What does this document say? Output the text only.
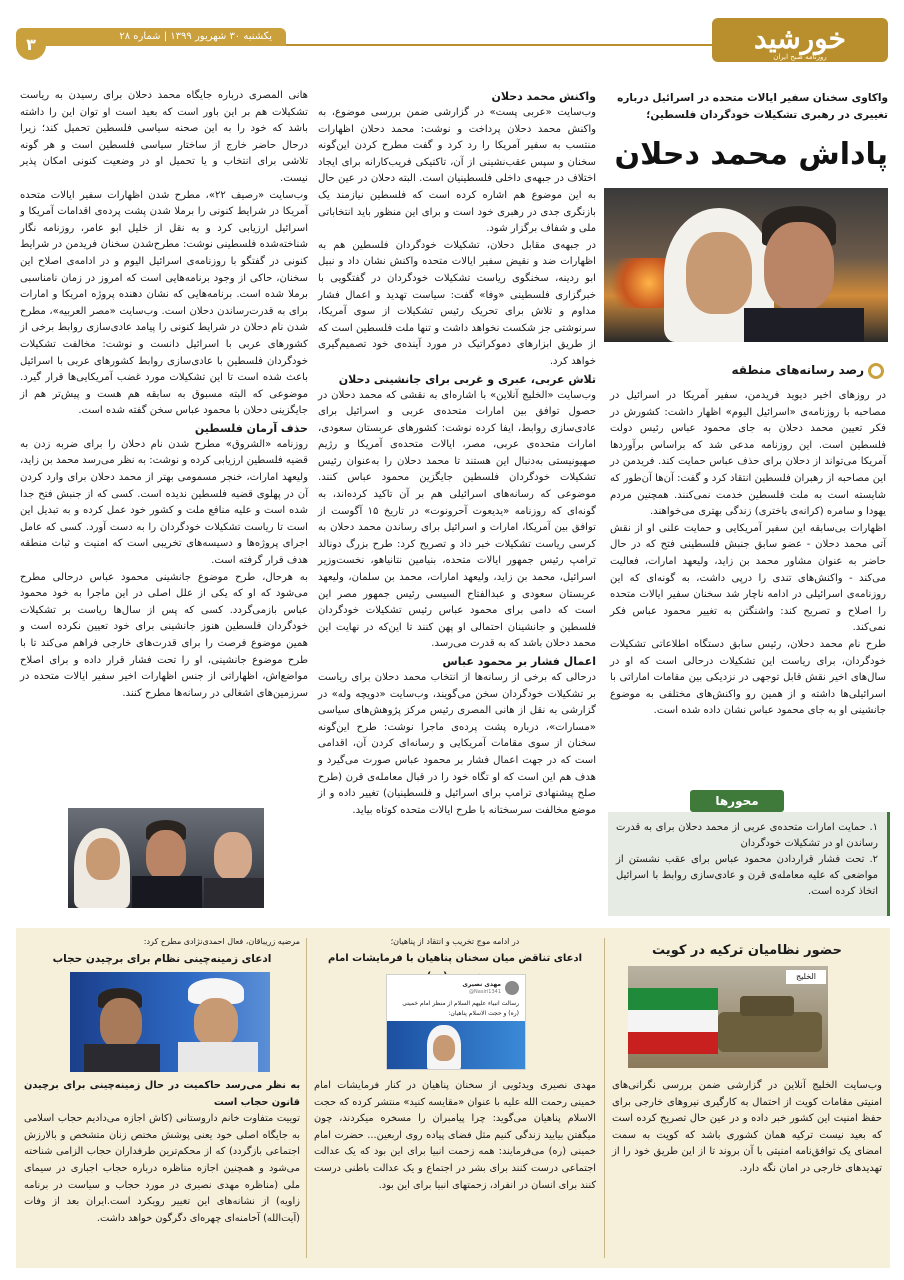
یکشنبه ۳۰ شهریور ۱۳۹۹ | شماره ۲۸
۳	خورشید
روزنامه صبح ایران
واکاوی سخنان سفیر ایالات متحده در اسرائیل درباره تغییری در رهبری تشکیلات خودگردان فلسطین؛
پاداش محمد دحلان
رصد رسانه‌های منطقه

در روزهای اخیر دیوید فریدمن، سفیر آمریکا در اسرائیل در مصاحبه با روزنامه‌ی «اسرائیل الیوم» اظهار داشت: کشورش در فکر تعیین محمد دحلان به جای محمود عباس رئیس دولت فلسطین است. این روزنامه مدعی شد که براساس برآوردها آمریکا می‌تواند از دحلان برای حذف عباس حمایت کند. فریدمن در این مصاحبه از رهبران فلسطین انتقاد کرد و گفت: آن‌ها آن‌طور که شایسته است به ملت فلسطین خدمت نمی‌کنند. همچنین مردم یهودا و سامره (کرانه‌ی باختری) زندگی بهتری می‌خواهند.

اظهارات بی‌سابقه این سفیر آمریکایی و حمایت علنی او از نقش آتی محمد دحلان - عضو سابق جنبش فلسطینی فتح که در حال حاضر به عنوان مشاور محمد بن زاید، ولیعهد امارات، فعالیت می‌کند - واکنش‌های تندی را درپی داشت، به گونه‌ای که این روزنامه‌ی اسرائیلی در ادامه ناچار شد سخنان سفیر ایالات متحده را اصلاح و تصریح کند: واشنگتن به تغییر محمود عباس فکر نمی‌کند.

طرح نام محمد دحلان، رئیس سابق دستگاه اطلاعاتی تشکیلات خودگردان، برای ریاست این تشکیلات درحالی است که او در سال‌های اخیر نقش قابل توجهی در نزدیکی بین مقامات اماراتی با اسرائیلی‌ها داشته و از همین رو واکنش‌های مختلفی به موضوع جانشینی او به جای محمود عباس نشان داده شده است.

محورها

۱. حمایت امارات متحده‌ی عربی از محمد دحلان برای به قدرت رساندن او در تشکیلات خودگردان

۲. تحت فشار قراردادن محمود عباس برای عقب نشستن از مواضعی که علیه معامله‌ی قرن و عادی‌سازی روابط با اسرائیل اتخاذ کرده است.

واکنش محمد دحلان

وب‌سایت «عربی پست» در گزارشی ضمن بررسی موضوع، به واکنش محمد دحلان پرداخت و نوشت: محمد دحلان اظهارات منتسب به سفیر آمریکا را رد کرد و گفت مطرح کردن این‌گونه سخنان و سپس عقب‌نشینی از آن، تاکتیکی فریب‌کارانه برای ایجاد اختلاف در جبهه‌ی داخلی فلسطینیان است. البته دحلان در عین حال به این موضوع هم اشاره کرده است که فلسطین نیازمند یک بازنگری جدی در رهبری خود است و برای این منظور باید انتخاباتی ملی و شفاف برگزار شود.

در جبهه‌ی مقابل دحلان، تشکیلات خودگردان فلسطین هم به اظهارات ضد و نقیض سفیر ایالات متحده واکنش نشان داد و نبیل ابو ردینه، سخنگوی ریاست تشکیلات خودگردان در گفتگویی با خبرگزاری فلسطینی «وفا» گفت: سیاست تهدید و اعمال فشار مداوم و تلاش برای تحریک رئیس تشکیلات از سوی آمریکا، سرنوشتی جز شکست نخواهد داشت و تنها ملت فلسطین است که از طریق ابزارهای دموکراتیک در مورد آینده‌ی خود تصمیم‌گیری خواهد کرد.

تلاش عربی، عبری و غربی برای جانشینی دحلان

وب‌سایت «الخلیج آنلاین» با اشاره‌ای به نقشی که محمد دحلان در حصول توافق بین امارات متحده‌ی عربی و اسرائیل برای عادی‌سازی روابط، ایفا کرده نوشت: کشورهای عربستان سعودی، امارات متحده‌ی عربی، مصر، ایالات متحده‌ی آمریکا و رژیم صهیونیستی به‌دنبال این هستند تا محمد دحلان را به‌عنوان رئیس تشکیلات خودگردان فلسطین جایگزین محمود عباس کنند. موضوعی که رسانه‌های اسرائیلی هم بر آن تاکید کرده‌اند، به گونه‌ای که روزنامه «یدیعوت آحرونوت» در تاریخ ۱۵ آگوست از توافق بین آمریکا، امارات و اسرائیل برای رساندن محمد دحلان به کرسی ریاست تشکیلات خبر داد و تصریح کرد: طرح بزرگ دونالد ترامپ رئیس جمهور ایالات متحده، بنیامین نتانیاهو، نخست‌وزیر اسرائیل، محمد بن زاید، ولیعهد امارات، محمد بن سلمان، ولیعهد عربستان سعودی و عبدالفتاح السیسی رئیس جمهور مصر این است که دامی برای محمود عباس رئیس تشکیلات خودگردان فلسطین و جانشینان احتمالی او پهن کنند تا این‌که در نهایت این محمد دحلان باشد که به قدرت می‌رسد.

اعمال فشار بر محمود عباس

درحالی که برخی از رسانه‌ها از انتخاب محمد دحلان برای ریاست بر تشکیلات خودگردان سخن می‌گویند، وب‌سایت «دویچه وله» در گزارشی به نقل از هانی المصری رئیس مرکز پژوهش‌های سیاسی «مسارات»، درباره پشت پرده‌ی ماجرا نوشت: طرح این‌گونه سخنان از سوی مقامات آمریکایی و رسانه‌ای کردن آن، اقدامی است که در جهت اعمال فشار بر محمود عباس صورت می‌گیرد و هدف هم این است که او تگاه خود را در قبال معامله‌ی قرن (طرح صلح پیشنهادی ترامپ برای اسرائیل و فلسطینیان) تغییر داده و از موضع مخالفت سرسختانه با طرح ایالات متحده کوتاه بیاید.

هانی المصری درباره جایگاه محمد دحلان برای رسیدن به ریاست تشکیلات هم بر این باور است که بعید است او توان این را داشته باشد که خود را به این صحنه سیاسی فلسطین تحمیل کند؛ زیرا درحال حاضر خارج از ساختار سیاسی فلسطین است و هر گونه تلاشی برای انتخاب و یا تحمیل او در وضعیت کنونی امکان پذیر نیست.

وب‌سایت «رصیف ۲۲»، مطرح شدن اظهارات سفیر ایالات متحده آمریکا در شرایط کنونی را برملا شدن پشت پرده‌ی اقدامات آمریکا و اسرائیل ارزیابی کرد و به نقل از خلیل ابو عامر، روزنامه نگار شناخته‌شده فلسطینی نوشت: مطرح‌شدن سخنان فریدمن در شرایط کنونی در گفتگو با روزنامه‌ی اسرائیل الیوم و در ادامه‌ی اصلاح این سخنان، حاکی از وجود برنامه‌هایی است که امروز در زمان نامناسبی برملا شده است. برنامه‌هایی که نشان دهنده پروژه امریکا و امارات برای به قدرت‌رساندن دحلان است. وب‌سایت «مصر العربیه»، مطرح شدن نام دحلان در شرایط کنونی را پیامد عادی‌سازی روابط برخی از کشورهای عربی با اسرائیل دانست و نوشت: مخالفت تشکیلات خودگردان فلسطین با عادی‌سازی روابط کشورهای عربی با اسرائیل باعث شده است تا این تشکیلات مورد غضب آمریکایی‌ها قرار گیرد. موضوعی که البته مسبوق به سابقه هم هست و پیش‌تر هم از جایگزینی دحلان با محمود عباس سخن گفته شده است.

حذف آرمان فلسطین

روزنامه «الشروق» مطرح شدن نام دحلان را برای ضربه زدن به قضیه فلسطین ارزیابی کرده و نوشت: به نظر می‌رسد محمد بن زاید، ولیعهد امارات، خنجر مسمومی بهتر از محمد دحلان برای وارد کردن آن در پهلوی قضیه فلسطین ندیده است. کسی که از جنبش فتح جدا شده است و علیه منافع ملت و کشور خود عمل کرده و به تبدیل این است تا ریاست تشکیلات خودگردان را به دست آورد. کسی که عامل اجرای پروژه‌ها و دسیسه‌های تخریبی است که امنیت و ثبات منطقه هدف قرار گرفته است.

به هرحال، طرح موضوع جانشینی محمود عباس درحالی مطرح می‌شود که او که یکی از علل اصلی در این ماجرا به خود محمود عباس بازمی‌گردد. کسی که پس از سال‌ها ریاست بر تشکیلات خودگردان فلسطین هنوز جانشینی برای خود تعیین نکرده است و همین موضوع فرصت را برای قدرت‌های خارجی فراهم می‌کند تا با طرح موضوع جانشینی، او را تحت فشار قرار داده و برای اصلاح مواضع‌اش، اظهاراتی از جنس اظهارات اخیر سفیر ایالات متحده در سرزمین‌های اشغالی در رسانه‌ها مطرح کنند.

حضور نظامیان ترکیه در کویت
الخلیج

وب‌سایت الخلیج آنلاین در گزارشی ضمن بررسی نگرانی‌های امنیتی مقامات کویت از احتمال به کارگیری نیروهای خارجی برای حفظ امنیت این کشور خبر داده و در عین حال تصریح کرده است که بعید نیست ترکیه همان کشوری باشد که کویت به سمت امضای یک توافق‌نامه امنیتی با آن بروند تا از این طریق خود را از تهدیدهای خارجی در امان نگه دارد.

در ادامه موج تخریب و انتقاد از پناهیان؛
ادعای تناقض میان سخنان پناهیان با فرمایشات امام
مهدی نصیری
@Nasiri1341
رسالت انبیاء علیهم السلام از منظر امام خمینی (ره) و حجت الاسلام پناهیان:

مهدی نصیری ویدئویی از سخنان پناهیان در کنار فرمایشات امام خمینی رحمت الله علیه با عنوان «مقایسه کنید» منتشر کرده که حجت الاسلام پناهیان می‌گوید: چرا پیامبران را مسخره میکردند، چون میگفتن بیایید زندگی کنیم مثل فضای پیاده روی اربعین... حضرت امام خمینی (ره) می‌فرمایند: همه زحمت انبیا برای این بود که یک عدالت اجتماعی درست کنند برای بشر در اجتماع و یک عدالت باطنی درست کنند برای انسان در انفراد، زحمتهای انبیا برای این بود.

مرضیه زریباقان، فعال احمدی‌نژادی مطرح کرد:
ادعای زمینه‌چینی نظام برای برچیدن حجاب

به نظر می‌رسد حاکمیت در حال زمینه‌چینی برای برچیدن قانون حجاب است

توییت متفاوت خانم داروستانی (کاش اجازه می‌دادیم حجاب اسلامی به جایگاه اصلی خود یعنی پوشش مختص زنان متشخص و بالارزش اجتماعی بازگردد) که از محکم‌ترین طرفداران حجاب الزامی شناخته می‌شود و همچنین اجازه مناظره درباره حجاب اجباری در سیمای ملی (مناظره مهدی نصیری در مورد حجاب و سیاست در برنامه زاویه) از نشانه‌های این تغییر رویکرد است.ایران بعد از وفات (آیت‌الله) آخامنه‌ای چهره‌ای دگرگون خواهد داشت.
